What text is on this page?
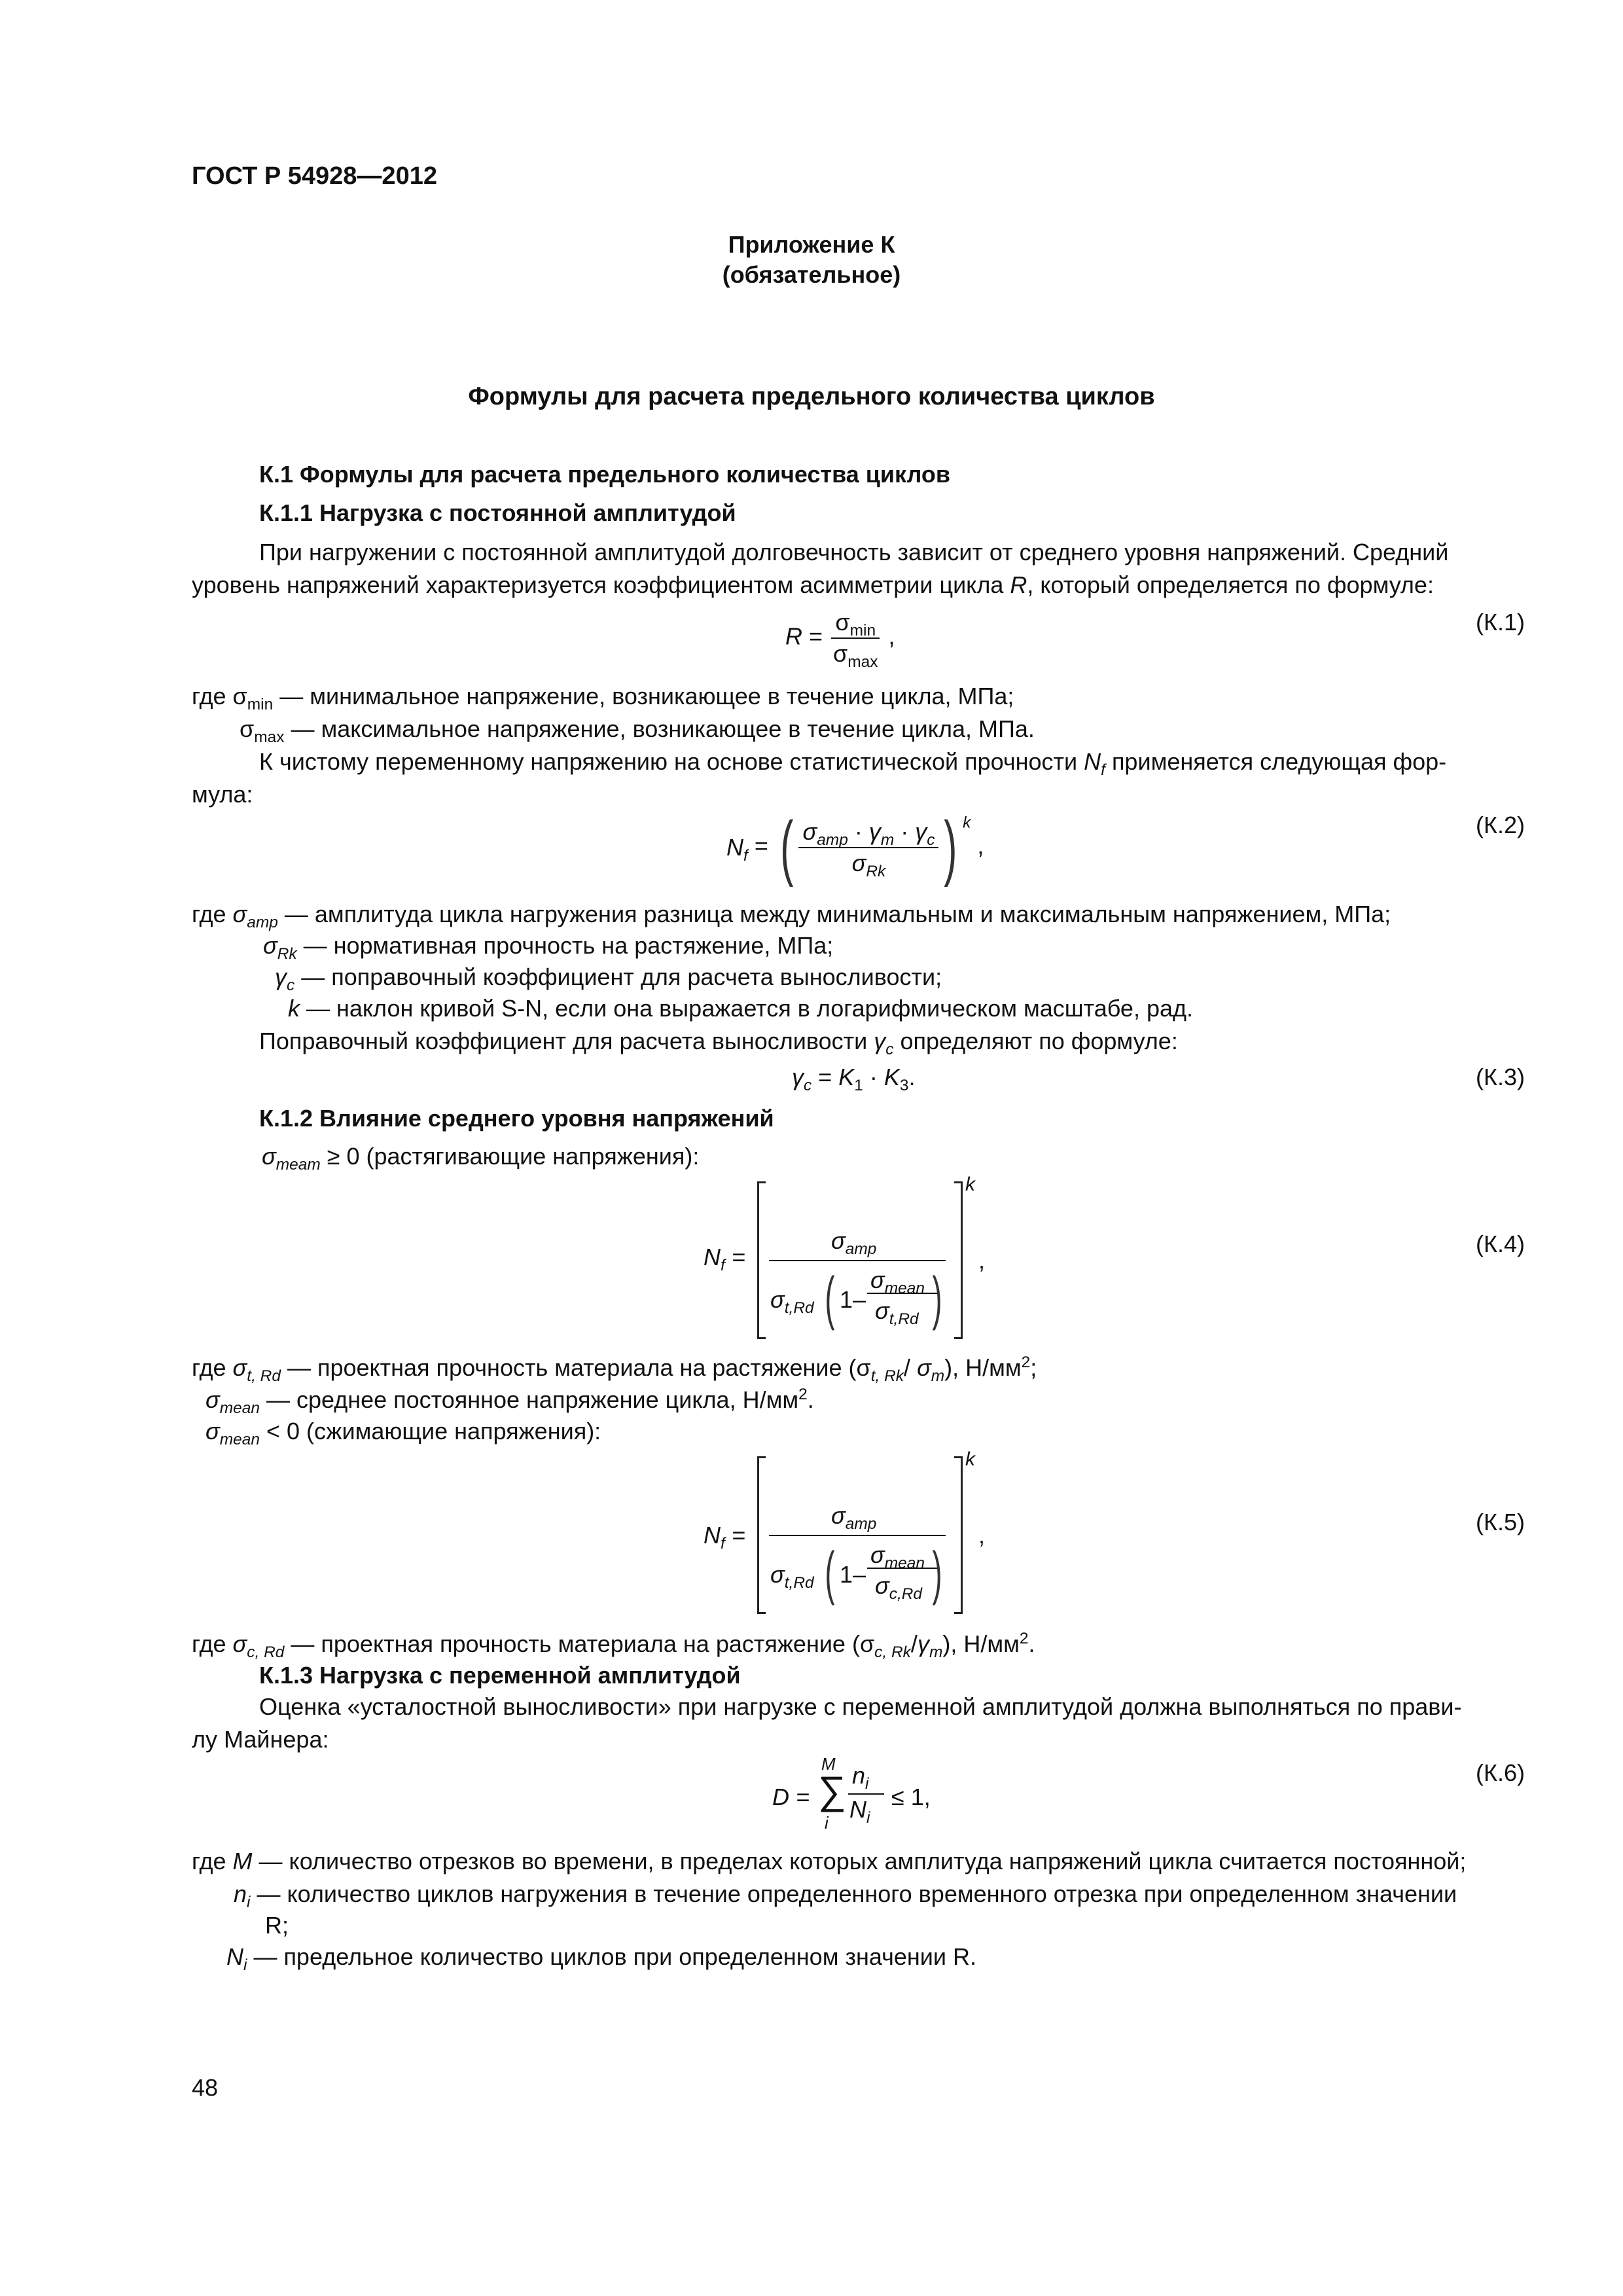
ГОСТ Р 54928—2012
Приложение К
(обязательное)
Формулы для расчета предельного количества циклов
К.1 Формулы для расчета предельного количества циклов
К.1.1 Нагрузка с постоянной амплитудой
При нагружении с постоянной амплитудой долговечность зависит от среднего уровня напряжений. Средний
уровень напряжений характеризуется коэффициентом асимметрии цикла R, который определяется по формуле:
$R = \frac{\sigma_{min}}{\sigma_{max}}$ ,
(К.1)
где $\sigma_{min}$ — минимальное напряжение, возникающее в течение цикла, МПа;
$\sigma_{max}$ — максимальное напряжение, возникающее в течение цикла, МПа.
К чистому переменному напряжению на основе статистической прочности $N_f$ применяется следующая фор-
мула:
$N_f$ = ( $\frac{\sigma_{amp} \cdot \gamma_m \cdot \gamma_c}{\sigma_{Rk}}$ ) $^k$ ,
(К.2)
где $\sigma_{amp}$ — амплитуда цикла нагружения разница между минимальным и максимальным напряжением, МПа;
$\sigma_{Rk}$ — нормативная прочность на растяжение, МПа;
$\gamma_c$ — поправочный коэффициент для расчета выносливости;
k — наклон кривой S-N, если она выражается в логарифмическом масштабе, рад.
Поправочный коэффициент для расчета выносливости $\gamma_c$ определяют по формуле:
$\gamma_c = K_1 \cdot K_3$.	(К.3)
К.1.2 Влияние среднего уровня напряжений
$\sigma_{meam} \ge 0$ (растягивающие напряжения):
$N_f$ =
k
$\sigma_{amp}$
$\sigma_{t,Rd}$ ( 1–
$\sigma_{mean}$
$\sigma_{t,Rd}$ )
,
(К.4)
где $\sigma_{t, Rd}$ — проектная прочность материала на растяжение ($\sigma_{t, Rk}/$ $\sigma_m$), $Н/мм^2$;
$\sigma_{mean}$ — среднее постоянное напряжение цикла, $Н/мм^2$.
$\sigma_{mean} < 0$ (сжимающие напряжения):
$N_f$ =
k
$\sigma_{amp}$
$\sigma_{t,Rd}$ ( 1–
$\sigma_{mean}$
$\sigma_{c,Rd}$ )
,	(К.5)
где $\sigma_{c, Rd}$ — проектная прочность материала на растяжение $(\sigma_{c, Rk}/\gamma_m)$, $Н/мм^2$.
К.1.3 Нагрузка с переменной амплитудой
Оценка «усталостной выносливости» при нагрузке с переменной амплитудой должна выполняться по прави-
лу Майнера:
D =
M
∑
i
$n_i$
$N_i$
≤ 1,
(К.6)
где M — количество отрезков во времени, в пределах которых амплитуда напряжений цикла считается постоянной;
$n_i$ — количество циклов нагружения в течение определенного временного отрезка при определенном значении
R;
$N_i$ — предельное количество циклов при определенном значении R.
48
